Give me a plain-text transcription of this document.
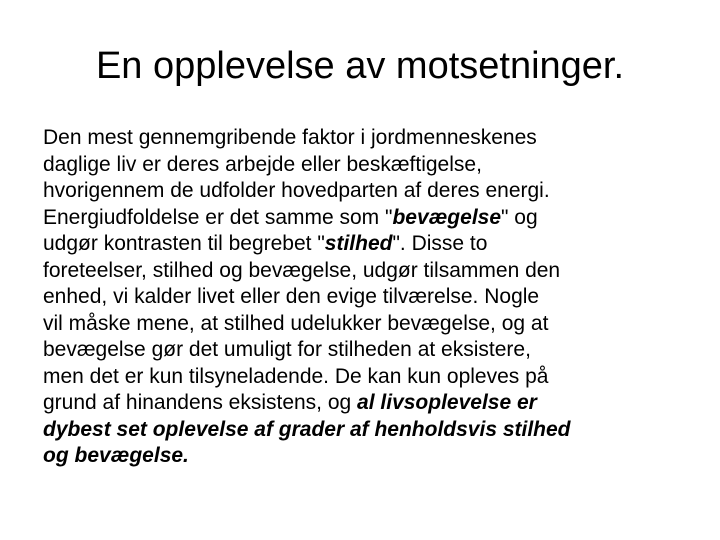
En opplevelse av motsetninger.
Den mest gennemgribende faktor i jordmenneskenes
daglige liv er deres arbejde eller beskæftigelse,
hvorigennem de udfolder hovedparten af deres energi.
Energiudfoldelse er det samme som "bevægelse" og
udgør kontrasten til begrebet "stilhed". Disse to
foreteelser, stilhed og bevægelse, udgør tilsammen den
enhed, vi kalder livet eller den evige tilværelse. Nogle
vil måske mene, at stilhed udelukker bevægelse, og at
bevægelse gør det umuligt for stilheden at eksistere,
men det er kun tilsyneladende. De kan kun opleves på
grund af hinandens eksistens, og al livsoplevelse er
dybest set oplevelse af grader af henholdsvis stilhed
og bevægelse.
